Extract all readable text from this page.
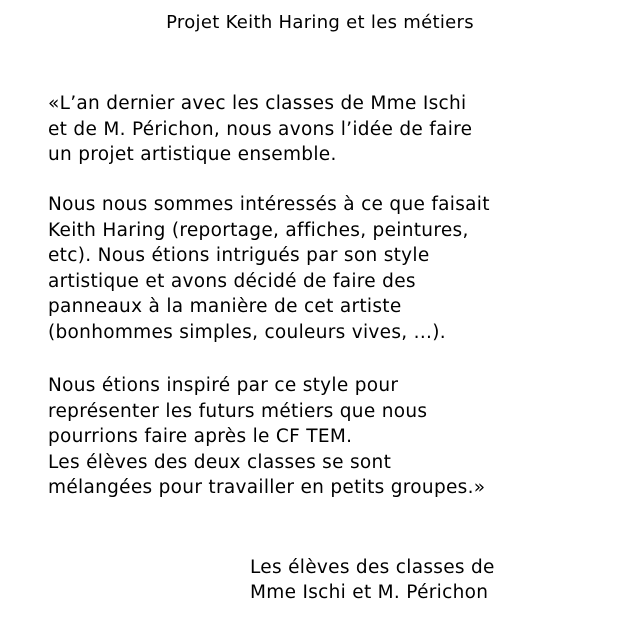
Projet Keith Haring et les métiers

«L’an dernier avec les classes de Mme Ischi
et de M. Périchon, nous avons l’idée de faire
un projet artistique ensemble.

Nous nous sommes intéressés à ce que faisait
Keith Haring (reportage, affiches, peintures,
etc). Nous étions intrigués par son style
artistique et avons décidé de faire des
panneaux à la manière de cet artiste
(bonhommes simples, couleurs vives, ...).

Nous étions inspiré par ce style pour
représenter les futurs métiers que nous
pourrions faire après le CF TEM.
Les élèves des deux classes se sont
mélangées pour travailler en petits groupes.»

Les élèves des classes de
Mme Ischi et M. Périchon
